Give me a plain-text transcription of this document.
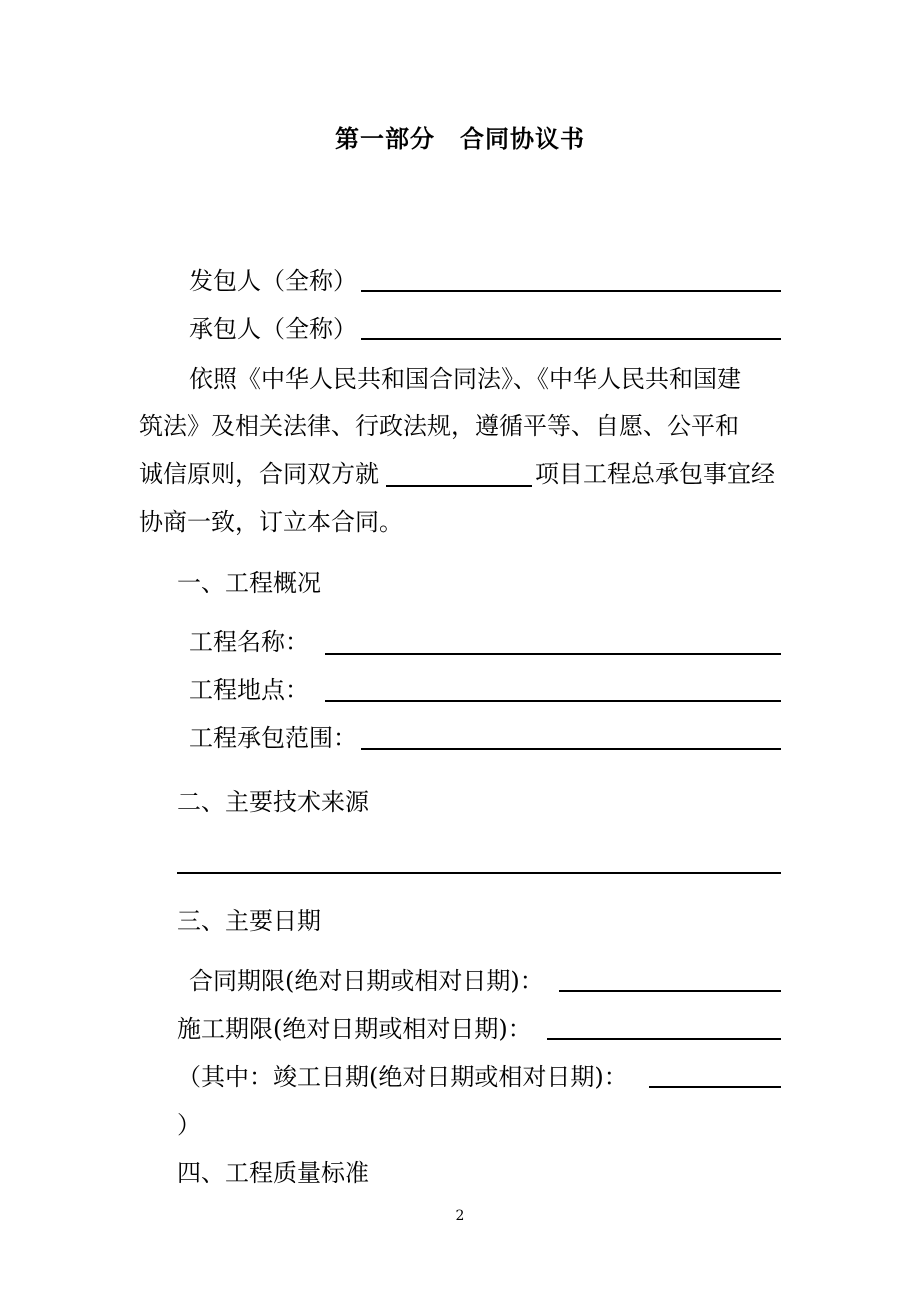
第一部分　合同协议书
发包人（全称）
承包人（全称）
依照《中华人民共和国合同法》、《中华人民共和国建
筑法》及相关法律、行政法规，遵循平等、自愿、公平和
诚信原则，合同双方就	项目工程总承包事宜经
协商一致，订立本合同。
一、工程概况
工程名称：
工程地点：
工程承包范围：
二、主要技术来源
三、主要日期
合同期限(绝对日期或相对日期)：
施工期限(绝对日期或相对日期)：
（其中：竣工日期(绝对日期或相对日期)：
）
四、工程质量标准
2
